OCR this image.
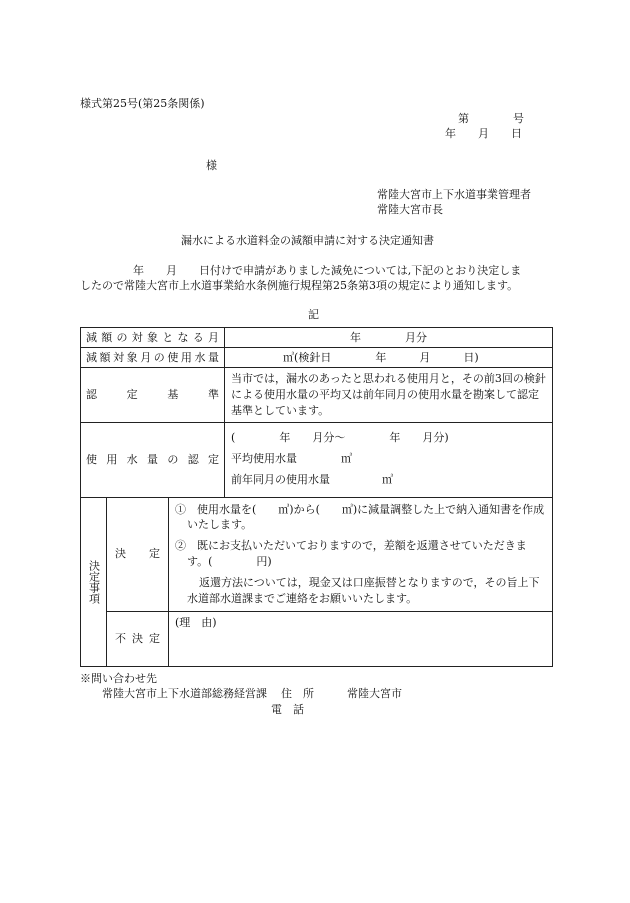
様式第25号(第25条関係)
第　　　　号
年　　月　　日
様
常陸大宮市上下水道事業管理者
常陸大宮市長
漏水による水道料金の減額申請に対する決定通知書
年　　月　　日付けで申請がありました減免については,下記のとおり決定しま
したので常陸大宮市上水道事業給水条例施行規程第25条第3項の規定により通知します。
記
減額の対象となる月			年　　　　月分
減額対象月の使用水量			㎥(検針日　　　　年　　　月　　　日)

認定基準			当市では，漏水のあったと思われる使用月と，その前3回の検針による使用水量の平均又は前年同月の使用水量を勘案して認定基準としています。

使用水量の認定			(　　　　年　　月分〜　　　　年　　月分)
平均使用水量 ㎥
前年同月の使用水量 ㎥

決定事項	決定	①　使用水量を(　　㎥)から(　　㎥)に減量調整した上で納入通知書を作成いたします。

②　既にお支払いただいておりますので，差額を返還させていただきます。(　　　　円)

返還方法については，現金又は口座振替となりますので，その旨上下水道部水道課までご連絡をお願いいたします。	

	不決定	(理　由)	
※問い合わせ先
常陸大宮市上下水道部総務経営課 住　所	常陸大宮市
電　話
